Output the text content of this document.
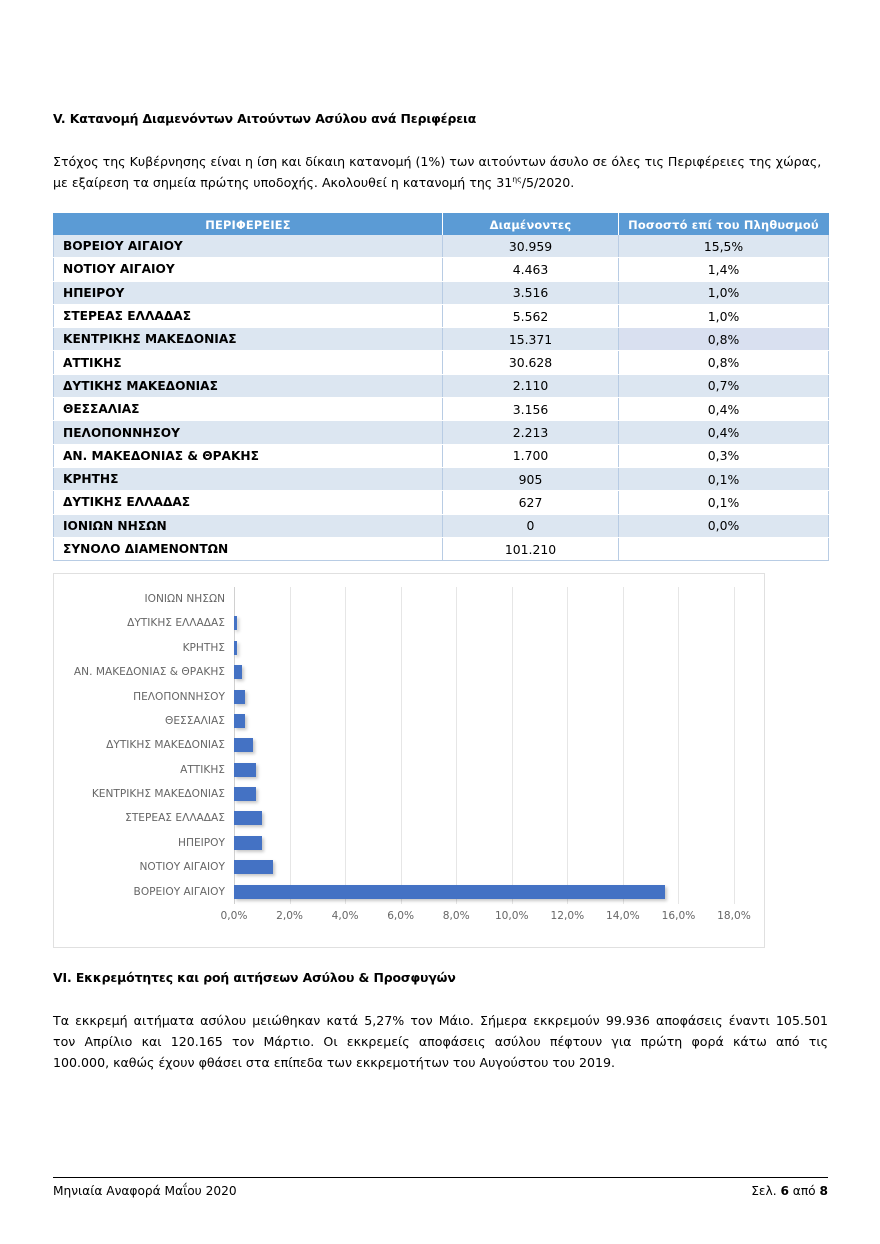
V. Κατανομή Διαμενόντων Αιτούντων Ασύλου ανά Περιφέρεια
Στόχος της Κυβέρνησης είναι η ίση και δίκαιη κατανομή (1%) των αιτούντων άσυλο σε όλες τις Περιφέρειες της χώρας,
με εξαίρεση τα σημεία πρώτης υποδοχής. Ακολουθεί η κατανομή της $31^{\eta\varsigma}/5/2020$.
ΠΕΡΙΦΕΡΕΙΕΣ	Διαμένοντες	Ποσοστό επί του Πληθυσμού
ΒΟΡΕΙΟΥ ΑΙΓΑΙΟΥ	30.959	15,5%
ΝΟΤΙΟΥ ΑΙΓΑΙΟΥ	4.463	1,4%
ΗΠΕΙΡΟΥ	3.516	1,0%
ΣΤΕΡΕΑΣ ΕΛΛΑΔΑΣ	5.562	1,0%
ΚΕΝΤΡΙΚΗΣ ΜΑΚΕΔΟΝΙΑΣ	15.371	0,8%
ΑΤΤΙΚΗΣ	30.628	0,8%
ΔΥΤΙΚΗΣ ΜΑΚΕΔΟΝΙΑΣ	2.110	0,7%
ΘΕΣΣΑΛΙΑΣ	3.156	0,4%
ΠΕΛΟΠΟΝΝΗΣΟΥ	2.213	0,4%
ΑΝ. ΜΑΚΕΔΟΝΙΑΣ & ΘΡΑΚΗΣ	1.700	0,3%
ΚΡΗΤΗΣ	905	0,1%
ΔΥΤΙΚΗΣ ΕΛΛΑΔΑΣ	627	0,1%
ΙΟΝΙΩΝ ΝΗΣΩΝ	0	0,0%
ΣΥΝΟΛΟ ΔΙΑΜΕΝΟΝΤΩΝ	101.210	
ΙΟΝΙΩΝ ΝΗΣΩΝ
ΔΥΤΙΚΗΣ ΕΛΛΑΔΑΣ
ΚΡΗΤΗΣ
ΑΝ. ΜΑΚΕΔΟΝΙΑΣ & ΘΡΑΚΗΣ
ΠΕΛΟΠΟΝΝΗΣΟΥ
ΘΕΣΣΑΛΙΑΣ
ΔΥΤΙΚΗΣ ΜΑΚΕΔΟΝΙΑΣ
ΑΤΤΙΚΗΣ
ΚΕΝΤΡΙΚΗΣ ΜΑΚΕΔΟΝΙΑΣ
ΣΤΕΡΕΑΣ ΕΛΛΑΔΑΣ
ΗΠΕΙΡΟΥ
ΝΟΤΙΟΥ ΑΙΓΑΙΟΥ
ΒΟΡΕΙΟΥ ΑΙΓΑΙΟΥ
0,0%	2,0%	4,0%	6,0%	8,0% 10,0% 12,0% 14,0% 16,0% 18,0%
VI. Εκκρεμότητες και ροή αιτήσεων Ασύλου & Προσφυγών
Τα εκκρεμή αιτήματα ασύλου μειώθηκαν κατά 5,27% τον Μάιο. Σήμερα εκκρεμούν 99.936 αποφάσεις έναντι 105.501
τον Απρίλιο και 120.165 τον Μάρτιο. Οι εκκρεμείς αποφάσεις ασύλου πέφτουν για πρώτη φορά κάτω από τις
100.000, καθώς έχουν φθάσει στα επίπεδα των εκκρεμοτήτων του Αυγούστου του 2019.
Μηνιαία Αναφορά Μαΐου 2020	Σελ. 6 από 8
